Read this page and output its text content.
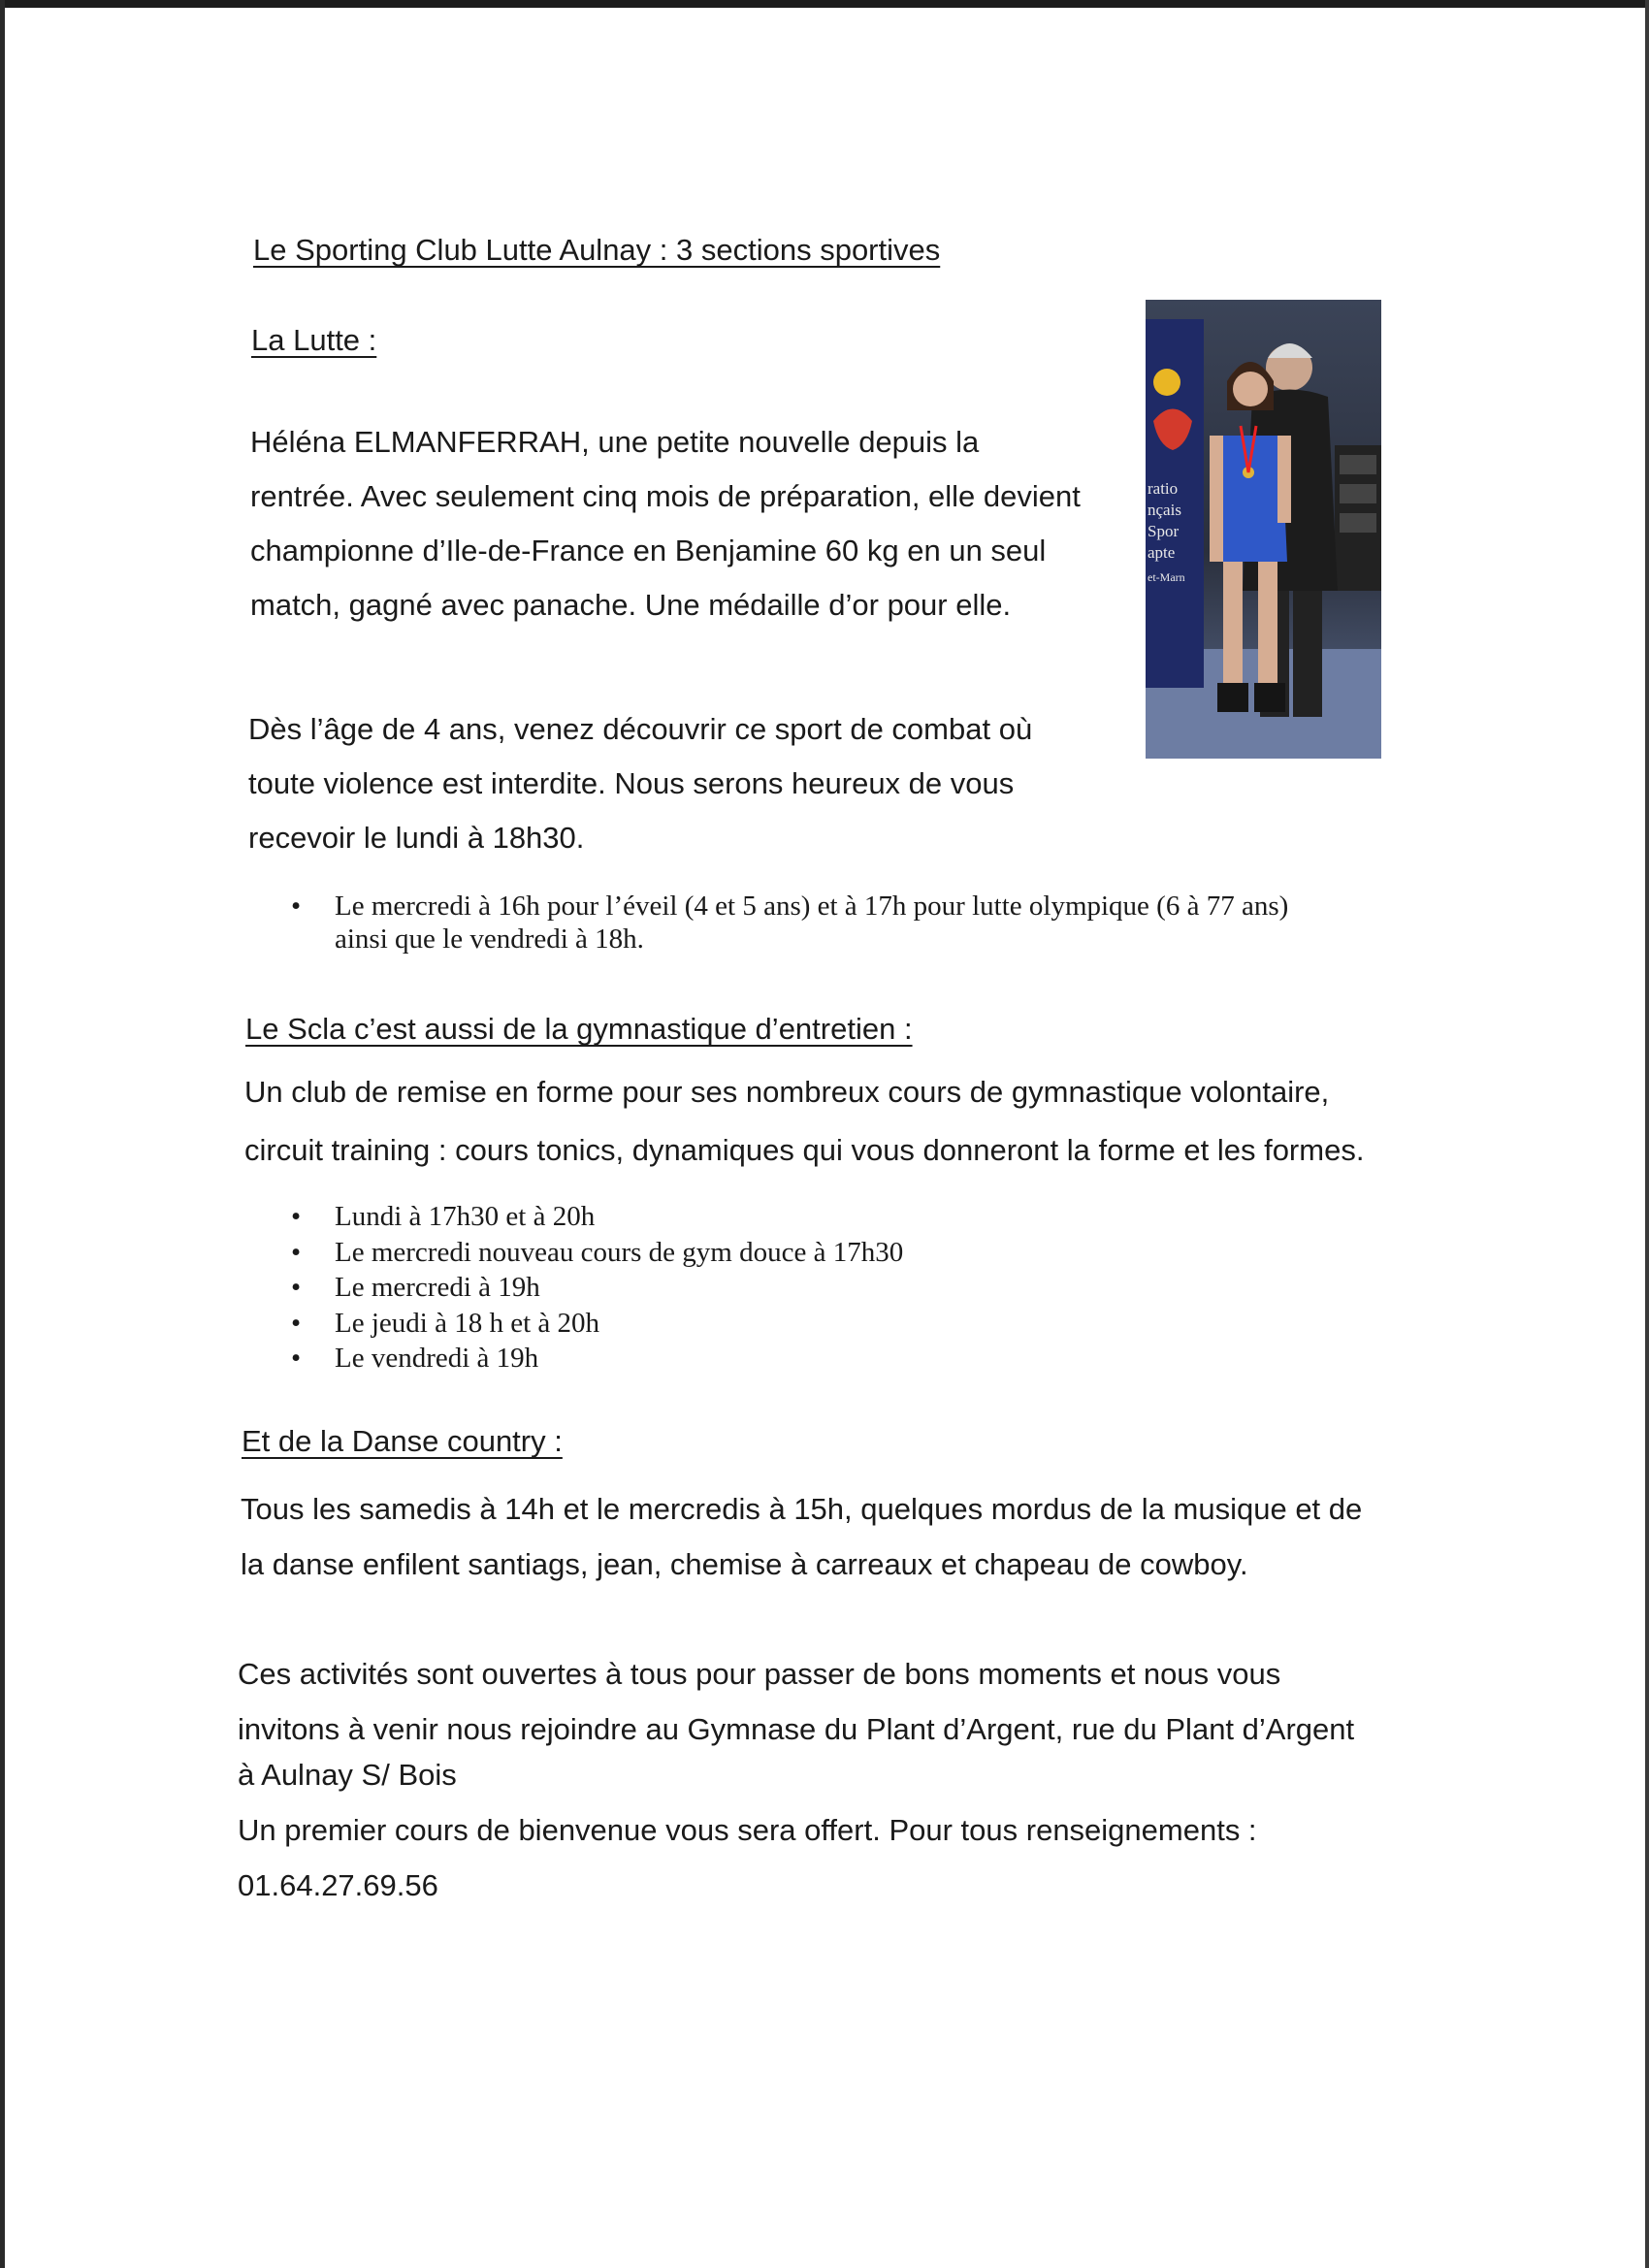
Le Sporting Club Lutte Aulnay : 3 sections sportives
La Lutte :

Héléna ELMANFERRAH, une petite nouvelle depuis la
rentrée. Avec seulement cinq mois de préparation, elle devient
championne d’Ile-de-France en Benjamine 60 kg en un seul
match, gagné avec panache. Une médaille d’or pour elle.

Dès l’âge de 4 ans, venez découvrir ce sport de combat où
toute violence est interdite. Nous serons heureux de vous
recevoir le lundi à 18h30.

• Le mercredi à 16h pour l’éveil (4 et 5 ans) et à 17h pour lutte olympique (6 à 77 ans)
ainsi que le vendredi à 18h.
ratio
nçais
Spor
apte
et-Marn
Le Scla c’est aussi de la gymnastique d’entretien :

Un club de remise en forme pour ses nombreux cours de gymnastique volontaire,
circuit training : cours tonics, dynamiques qui vous donneront la forme et les formes.

• Lundi à 17h30 et à 20h
• Le mercredi nouveau cours de gym douce à 17h30
• Le mercredi à 19h
• Le jeudi à 18 h et à 20h
• Le vendredi à 19h
Et de la Danse country :

Tous les samedis à 14h et le mercredis à 15h, quelques mordus de la musique et de
la danse enfilent santiags, jean, chemise à carreaux et chapeau de cowboy.

Ces activités sont ouvertes à tous pour passer de bons moments et nous vous
invitons à venir nous rejoindre au Gymnase du Plant d’Argent, rue du Plant d’Argent
à Aulnay S/ Bois
Un premier cours de bienvenue vous sera offert. Pour tous renseignements :
01.64.27.69.56
